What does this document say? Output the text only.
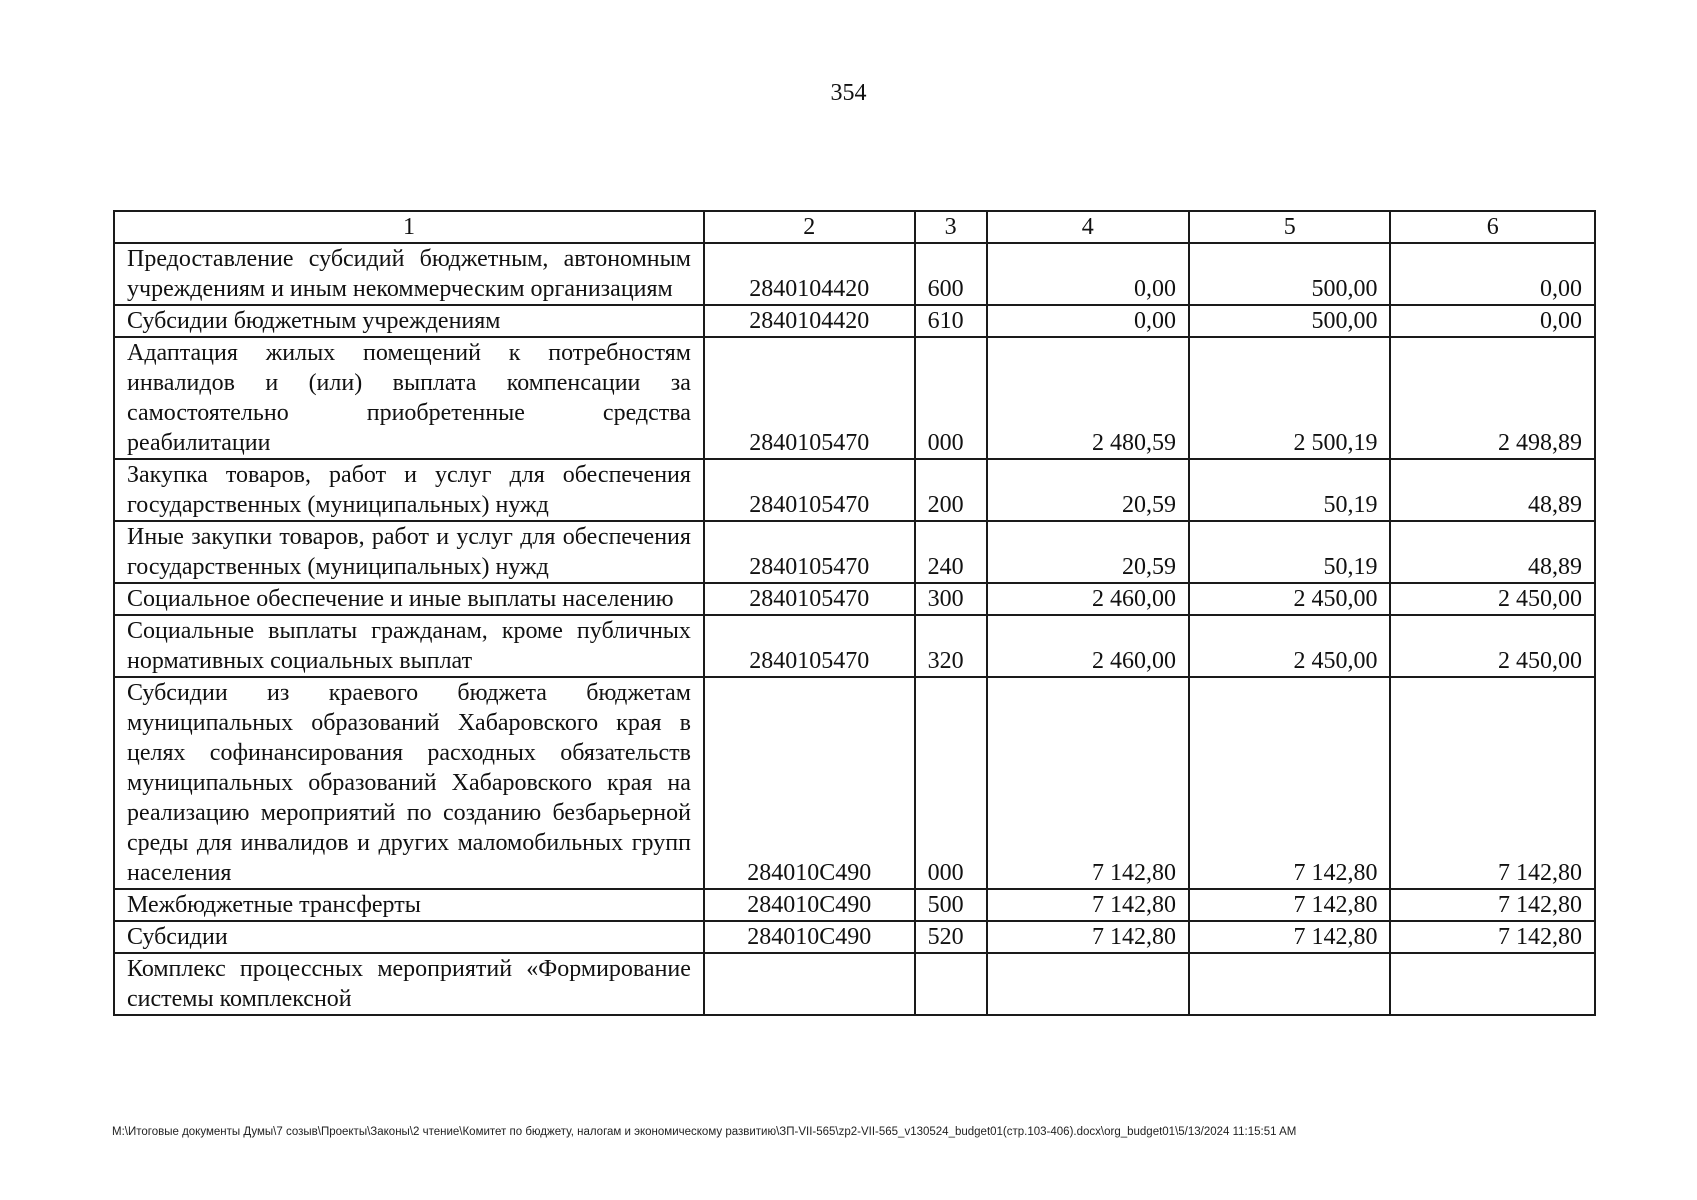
354
1	2	3	4	5	6
Предоставление субсидий бюджетным, автономным учреждениям и иным некоммерческим организациям	2840104420	600	0,00	500,00	0,00
Субсидии бюджетным учреждениям	2840104420	610	0,00	500,00	0,00
Адаптация жилых помещений к потребностям инвалидов и (или) выплата компенсации за самостоятельно приобретенные средства реабилитации	2840105470	000	2 480,59	2 500,19	2 498,89
Закупка товаров, работ и услуг для обеспечения государственных (муниципальных) нужд	2840105470	200	20,59	50,19	48,89
Иные закупки товаров, работ и услуг для обеспечения государственных (муниципальных) нужд	2840105470	240	20,59	50,19	48,89
Социальное обеспечение и иные выплаты населению	2840105470	300	2 460,00	2 450,00	2 450,00
Социальные выплаты гражданам, кроме публичных нормативных социальных выплат	2840105470	320	2 460,00	2 450,00	2 450,00
Субсидии из краевого бюджета бюджетам муниципальных образований Хабаровского края в целях софинансирования расходных обязательств муниципальных образований Хабаровского края на реализацию мероприятий по созданию безбарьерной среды для инвалидов и других маломобильных групп населения	284010С490	000	7 142,80	7 142,80	7 142,80
Межбюджетные трансферты	284010С490	500	7 142,80	7 142,80	7 142,80
Субсидии	284010С490	520	7 142,80	7 142,80	7 142,80
Комплекс процессных мероприятий «Формирование системы комплексной					
M:\Итоговые документы Думы\7 созыв\Проекты\Законы\2 чтение\Комитет по бюджету, налогам и экономическому развитию\ЗП-VII-565\zp2-VII-565_v130524_budget01(стр.103-406).docx\org_budget01\5/13/2024 11:15:51 AM
